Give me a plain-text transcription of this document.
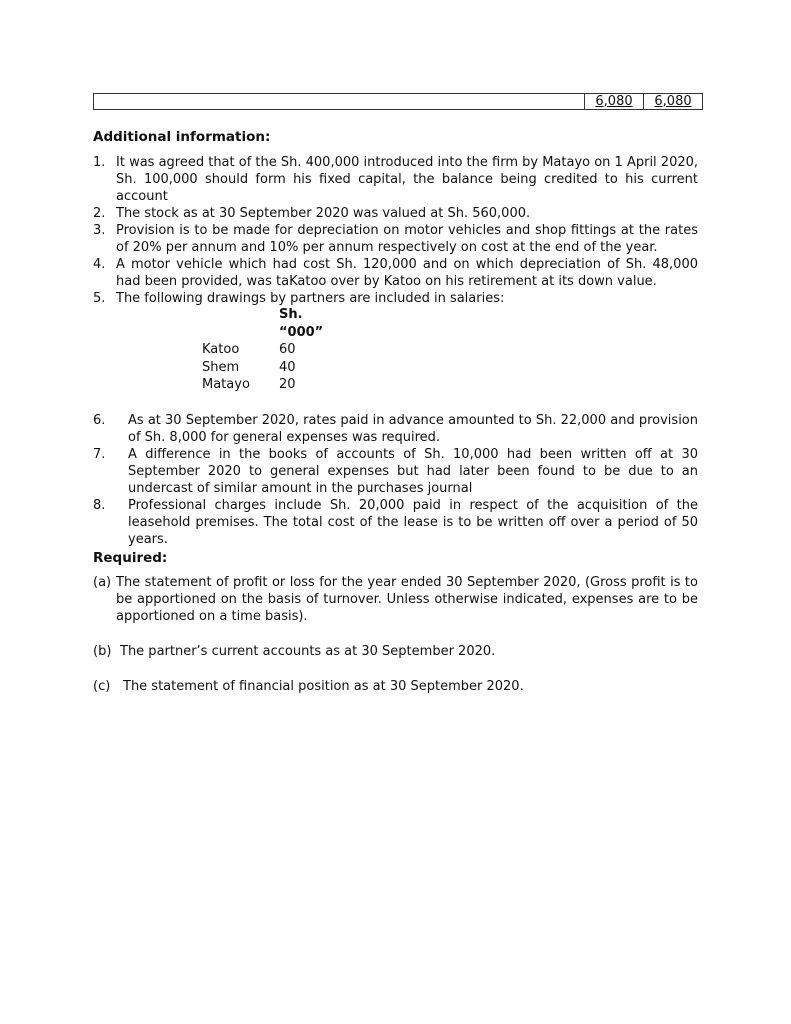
6,080	6,080
Additional information:
1. It was agreed that of the Sh. 400,000 introduced into the firm by Matayo on 1 April 2020, Sh. 100,000 should form his fixed capital, the balance being credited to his current account
2. The stock as at 30 September 2020 was valued at Sh. 560,000.
3. Provision is to be made for depreciation on motor vehicles and shop fittings at the rates of 20% per annum and 10% per annum respectively on cost at the end of the year.
4. A motor vehicle which had cost Sh. 120,000 and on which depreciation of Sh. 48,000 had been provided, was taKatoo over by Katoo on his retirement at its down value.
5. The following drawings by partners are included in salaries:
	Sh.
	“000”
Katoo	60
Shem	40
Matayo	20
6. As at 30 September 2020, rates paid in advance amounted to Sh. 22,000 and provision of Sh. 8,000 for general expenses was required.
7. A difference in the books of accounts of Sh. 10,000 had been written off at 30 September 2020 to general expenses but had later been found to be due to an undercast of similar amount in the purchases journal
8. Professional charges include Sh. 20,000 paid in respect of the acquisition of the leasehold premises. The total cost of the lease is to be written off over a period of 50 years.
Required:
(a) The statement of profit or loss for the year ended 30 September 2020, (Gross profit is to be apportioned on the basis of turnover. Unless otherwise indicated, expenses are to be apportioned on a time basis).
(b) The partner’s current accounts as at 30 September 2020.
(c) The statement of financial position as at 30 September 2020.
